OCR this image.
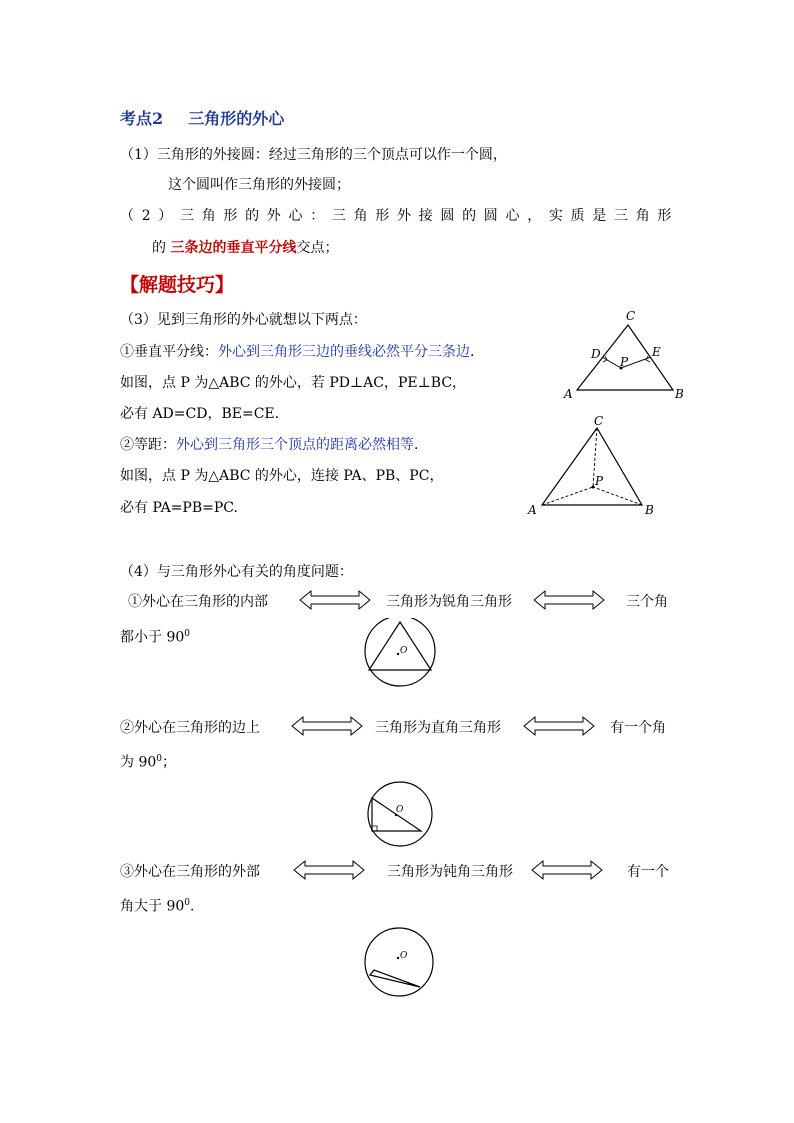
考点2 三角形的外心
（1）三角形的外接圆：经过三角形的三个顶点可以作一个圆，
这个圆叫作三角形的外接圆；
（2）三角形的外心：三角形外接圆的圆心，实质是三角形
的 三条边的垂直平分线交点；
【解题技巧】
（3）见到三角形的外心就想以下两点：
①垂直平分线：外心到三角形三边的垂线必然平分三条边.
如图，点 P 为△ABC 的外心，若 PD⊥AC，PE⊥BC，
必有 AD=CD，BE=CE.
②等距：外心到三角形三个顶点的距离必然相等.
如图，点 P 为△ABC 的外心，连接 PA、PB、PC，
必有 PA=PB=PC.
A	B
C
D	E
P
A	B
C
P
（4）与三角形外心有关的角度问题：
①外心在三角形的内部	三角形为锐角三角形	三个角
都小于 $90^0$
O
②外心在三角形的边上	三角形为直角三角形	有一个角
为 $90^0$；
O
③外心在三角形的外部	三角形为钝角三角形	有一个
角大于 $90^0$.
O
